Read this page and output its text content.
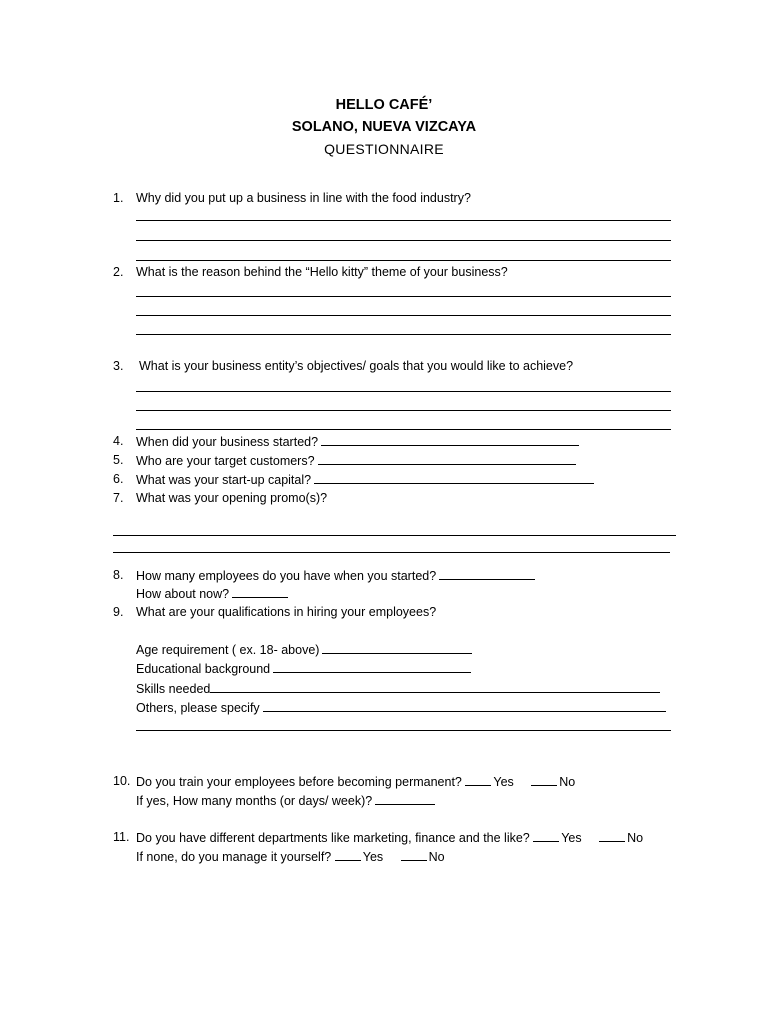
HELLO CAFÉ’
SOLANO, NUEVA VIZCAYA
QUESTIONNAIRE
1. Why did you put up a business in line with the food industry?
2. What is the reason behind the “Hello kitty” theme of your business?
3. What is your business entity’s objectives/ goals that you would like to achieve?
4. When did your business started?
5. Who are your target customers?
6. What was your start-up capital?
7. What was your opening promo(s)?
8. How many employees do you have when you started?
How about now?
9. What are your qualifications in hiring your employees?
Age requirement ( ex. 18- above)
Educational background
Skills needed
Others, please specify
10. Do you train your employees before becoming permanent?	Yes	No
If yes, How many months (or days/ week)?
11. Do you have different departments like marketing, finance and the like?	Yes	No
If none, do you manage it yourself?	Yes	No
